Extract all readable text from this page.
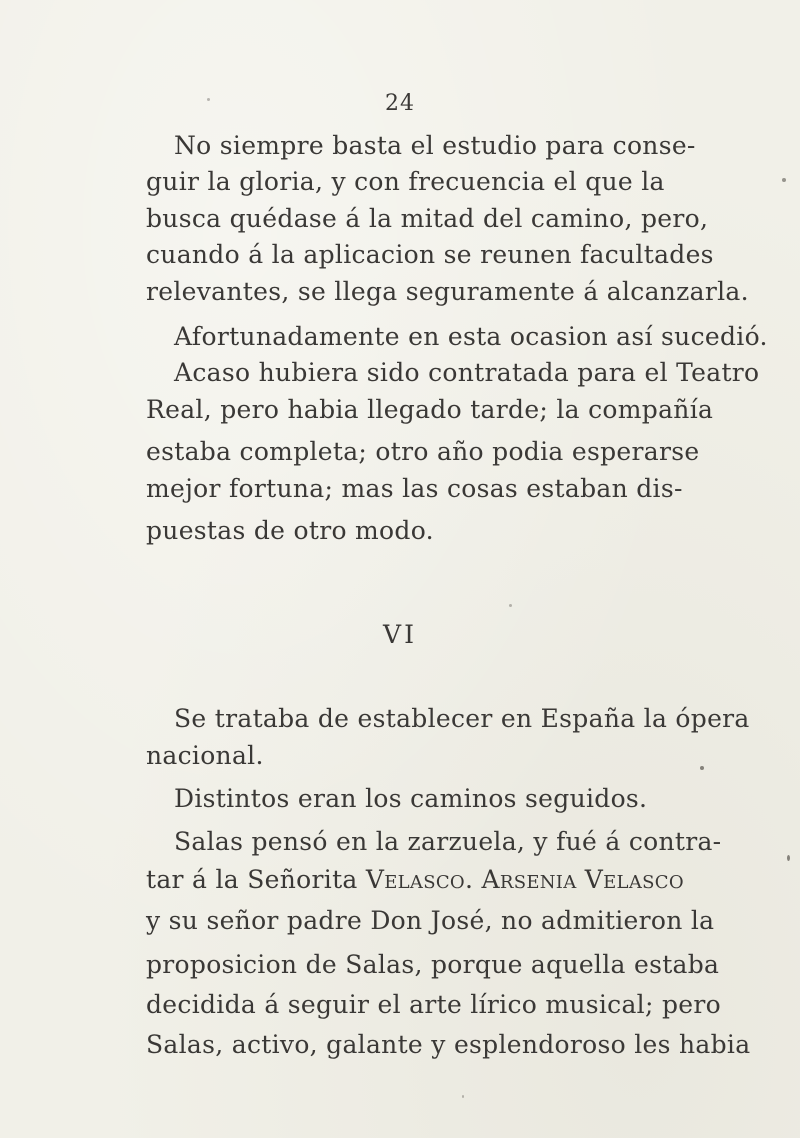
24
No siempre basta el estudio para conse-
guir la gloria, y con frecuencia el que la
busca quédase á la mitad del camino, pero,
cuando á la aplicacion se reunen facultades
relevantes, se llega seguramente á alcanzarla.
Afortunadamente en esta ocasion así sucedió.
Acaso hubiera sido contratada para el Teatro
Real, pero habia llegado tarde; la compañía
estaba completa; otro año podia esperarse
mejor fortuna; mas las cosas estaban dis-
puestas de otro modo.
VI
Se trataba de establecer en España la ópera
nacional.
Distintos eran los caminos seguidos.
Salas pensó en la zarzuela, y fué á contra-
tar á la Señorita Velasco. Arsenia Velasco
y su señor padre Don José, no admitieron la
proposicion de Salas, porque aquella estaba
decidida á seguir el arte lírico musical; pero
Salas, activo, galante y esplendoroso les habia
